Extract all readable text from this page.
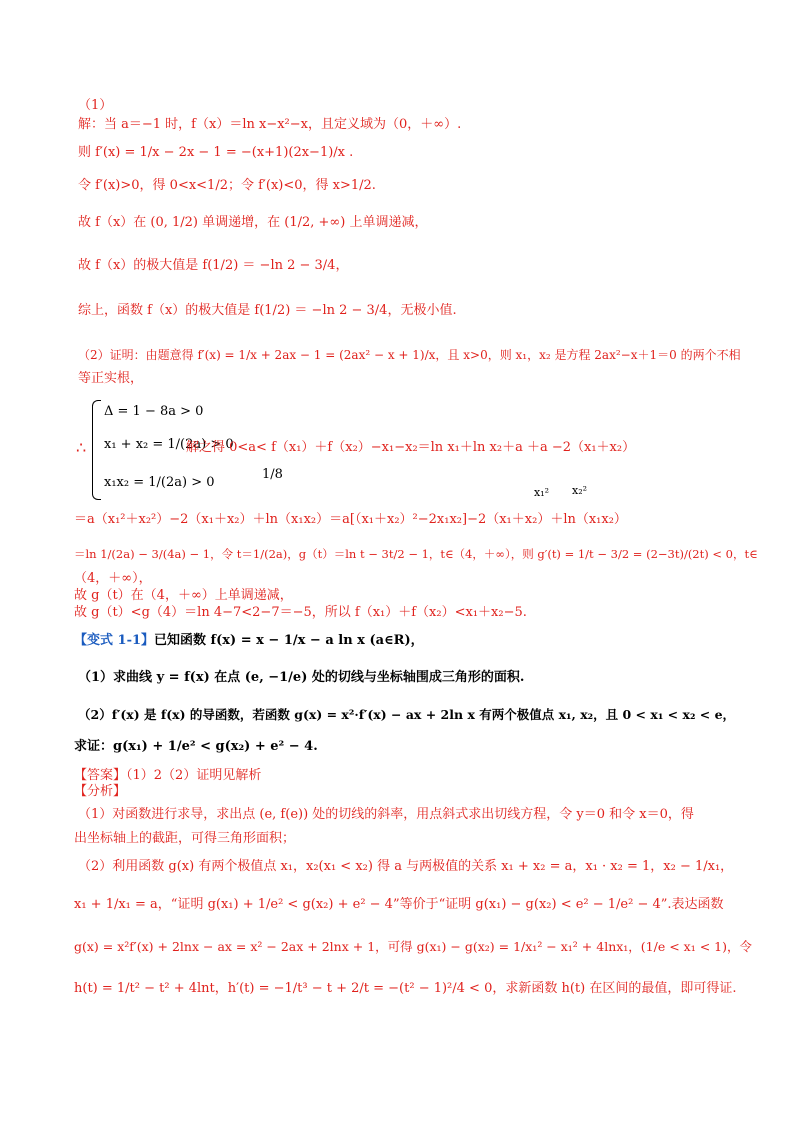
（1）
解：当 a＝−1 时，f（x）＝ln x−x²−x，且定义域为（0，＋∞）.
则 f′(x) = 1/x − 2x − 1 = −(x+1)(2x−1)/x .
令 f′(x)>0，得 0<x<1/2；令 f′(x)<0，得 x>1/2.
故 f（x）在 (0, 1/2) 单调递增，在 (1/2, +∞) 上单调递减，
故 f（x）的极大值是 f(1/2) ＝ −ln 2 − 3/4，
综上，函数 f（x）的极大值是 f(1/2) ＝ −ln 2 − 3/4，无极小值.
（2）证明：由题意得 f′(x) = 1/x + 2ax − 1 = (2ax² − x + 1)/x，且 x>0，则 x₁，x₂ 是方程 2ax²−x＋1＝0 的两个不相
等正实根，
∴
Δ = 1 − 8a > 0
x₁ + x₂ = 1/(2a) > 0
x₁x₂ = 1/(2a) > 0
解之得 0<a< f（x₁）＋f（x₂）−x₁−x₂＝ln x₁＋ln x₂＋a ＋a −2（x₁＋x₂）
1/8
x₁² x₂²
＝a（x₁²＋x₂²）−2（x₁＋x₂）＋ln（x₁x₂）＝a[（x₁＋x₂）²−2x₁x₂]−2（x₁＋x₂）＋ln（x₁x₂）
＝ln 1/(2a) − 3/(4a) − 1，令 t＝1/(2a)，g（t）＝ln t − 3t/2 − 1，t∈（4，＋∞），则 g′(t) = 1/t − 3/2 = (2−3t)/(2t) < 0，t∈
（4，＋∞），
故 g（t）在（4，＋∞）上单调递减，
故 g（t）<g（4）＝ln 4−7<2−7＝−5，所以 f（x₁）＋f（x₂）<x₁＋x₂−5.
【变式 1-1】已知函数 f(x) = x − 1/x − a ln x (a∈R)，
（1）求曲线 y = f(x) 在点 (e, −1/e) 处的切线与坐标轴围成三角形的面积.
（2）f′(x) 是 f(x) 的导函数，若函数 g(x) = x²·f′(x) − ax + 2ln x 有两个极值点 x₁, x₂，且 0 < x₁ < x₂ < e，
求证：g(x₁) + 1/e² < g(x₂) + e² − 4.
【答案】（1）2（2）证明见解析
【分析】
（1）对函数进行求导，求出点 (e, f(e)) 处的切线的斜率，用点斜式求出切线方程，令 y＝0 和令 x＝0，得
出坐标轴上的截距，可得三角形面积；
（2）利用函数 g(x) 有两个极值点 x₁，x₂(x₁ < x₂) 得 a 与两极值的关系 x₁ + x₂ = a，x₁ · x₂ = 1，x₂ − 1/x₁，
x₁ + 1/x₁ = a，“证明 g(x₁) + 1/e² < g(x₂) + e² − 4”等价于“证明 g(x₁) − g(x₂) < e² − 1/e² − 4”.表达函数
g(x) = x²f′(x) + 2lnx − ax = x² − 2ax + 2lnx + 1，可得 g(x₁) − g(x₂) = 1/x₁² − x₁² + 4lnx₁，(1/e < x₁ < 1)，令
h(t) = 1/t² − t² + 4lnt，h′(t) = −1/t³ − t + 2/t = −(t² − 1)²/4 < 0，求新函数 h(t) 在区间的最值，即可得证.
